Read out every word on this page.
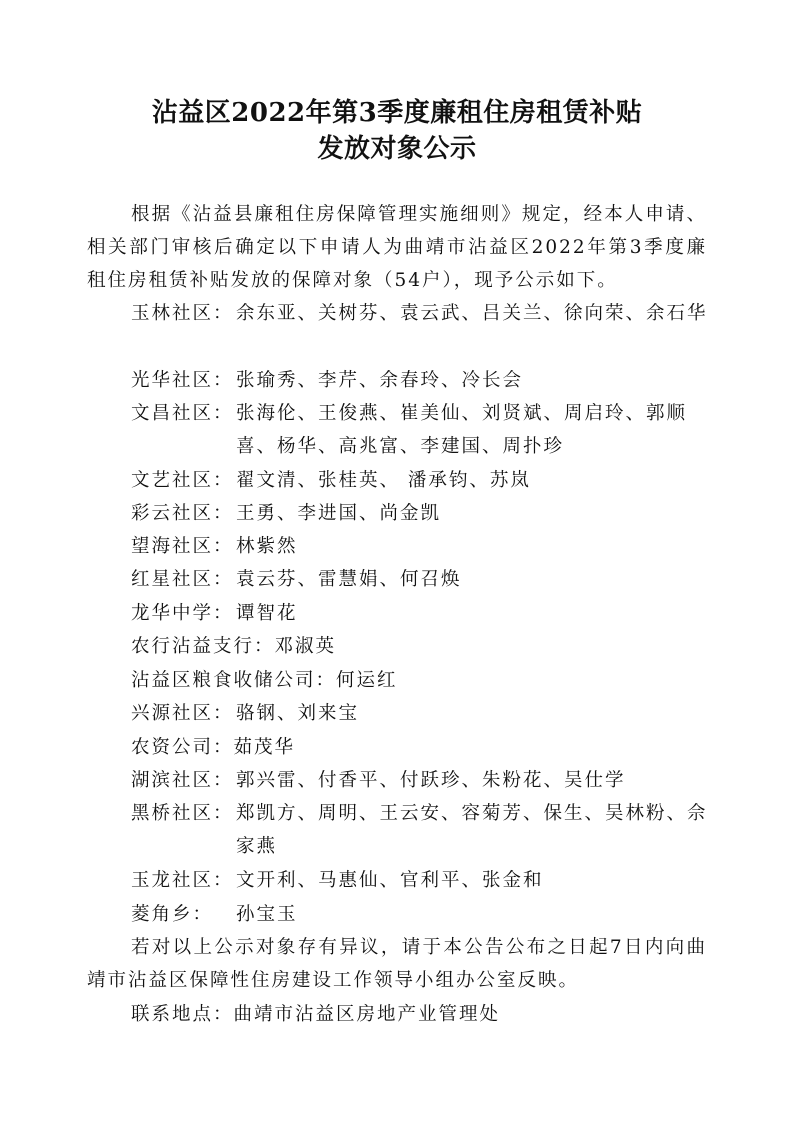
沾益区2022年第3季度廉租住房租赁补贴
发放对象公示

根据《沾益县廉租住房保障管理实施细则》规定，经本人申请、相关部门审核后确定以下申请人为曲靖市沾益区2022年第3季度廉租住房租赁补贴发放的保障对象（54户），现予公示如下。

玉林社区： 余东亚、关树芬、袁云武、吕关兰、徐向荣、余石华
光华社区： 张瑜秀、李芹、余春玲、冷长会
文昌社区： 张海伦、王俊燕、崔美仙、刘贤斌、周启玲、郭顺喜、杨华、高兆富、李建国、周扑珍
文艺社区： 翟文清、张桂英、 潘承钧、苏岚
彩云社区： 王勇、李进国、尚金凯
望海社区： 林紫然
红星社区： 袁云芬、雷慧娟、何召焕
龙华中学： 谭智花
农行沾益支行： 邓淑英
沾益区粮食收储公司： 何运红
兴源社区： 骆钢、刘来宝
农资公司： 茹茂华
湖滨社区： 郭兴雷、付香平、付跃珍、朱粉花、吴仕学
黑桥社区： 郑凯方、周明、王云安、容菊芳、保生、吴林粉、佘家燕
玉龙社区： 文开利、马惠仙、官利平、张金和
菱角乡：	孙宝玉

若对以上公示对象存有异议，请于本公告公布之日起7日内向曲靖市沾益区保障性住房建设工作领导小组办公室反映。

联系地点： 曲靖市沾益区房地产业管理处
